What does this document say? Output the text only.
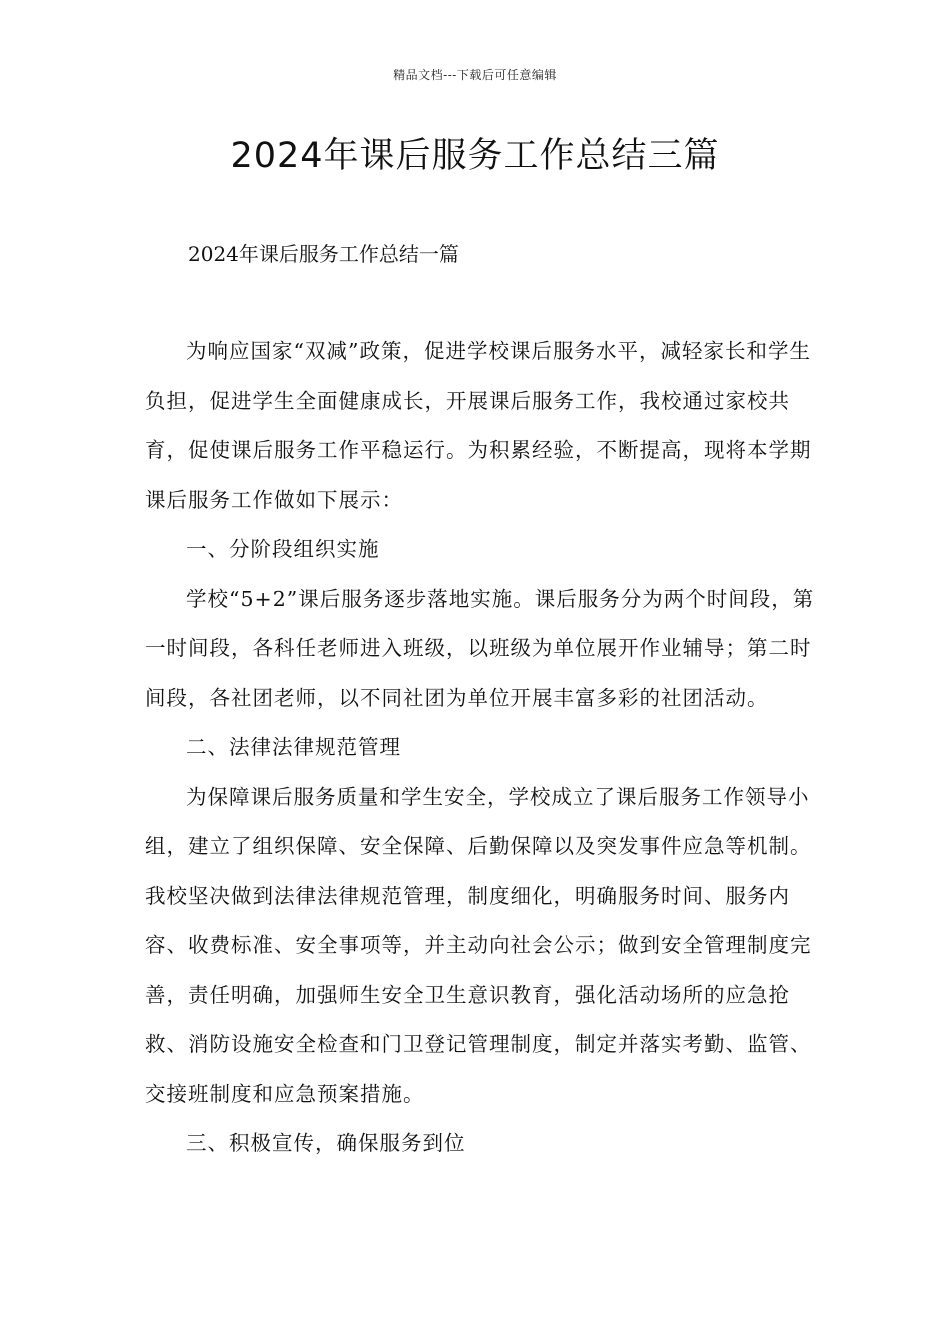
精品文档---下载后可任意编辑
2024年课后服务工作总结三篇

2024年课后服务工作总结一篇

为响应国家“双减”政策，促进学校课后服务水平，减轻家长和学生负担，促进学生全面健康成长，开展课后服务工作，我校通过家校共育，促使课后服务工作平稳运行。为积累经验，不断提高，现将本学期课后服务工作做如下展示：

一、分阶段组织实施

学校“5+2”课后服务逐步落地实施。课后服务分为两个时间段，第一时间段，各科任老师进入班级，以班级为单位展开作业辅导；第二时间段，各社团老师，以不同社团为单位开展丰富多彩的社团活动。

二、法律法律规范管理

为保障课后服务质量和学生安全，学校成立了课后服务工作领导小组，建立了组织保障、安全保障、后勤保障以及突发事件应急等机制。我校坚决做到法律法律规范管理，制度细化，明确服务时间、服务内容、收费标准、安全事项等，并主动向社会公示；做到安全管理制度完善，责任明确，加强师生安全卫生意识教育，强化活动场所的应急抢救、消防设施安全检查和门卫登记管理制度，制定并落实考勤、监管、交接班制度和应急预案措施。

三、积极宣传，确保服务到位
